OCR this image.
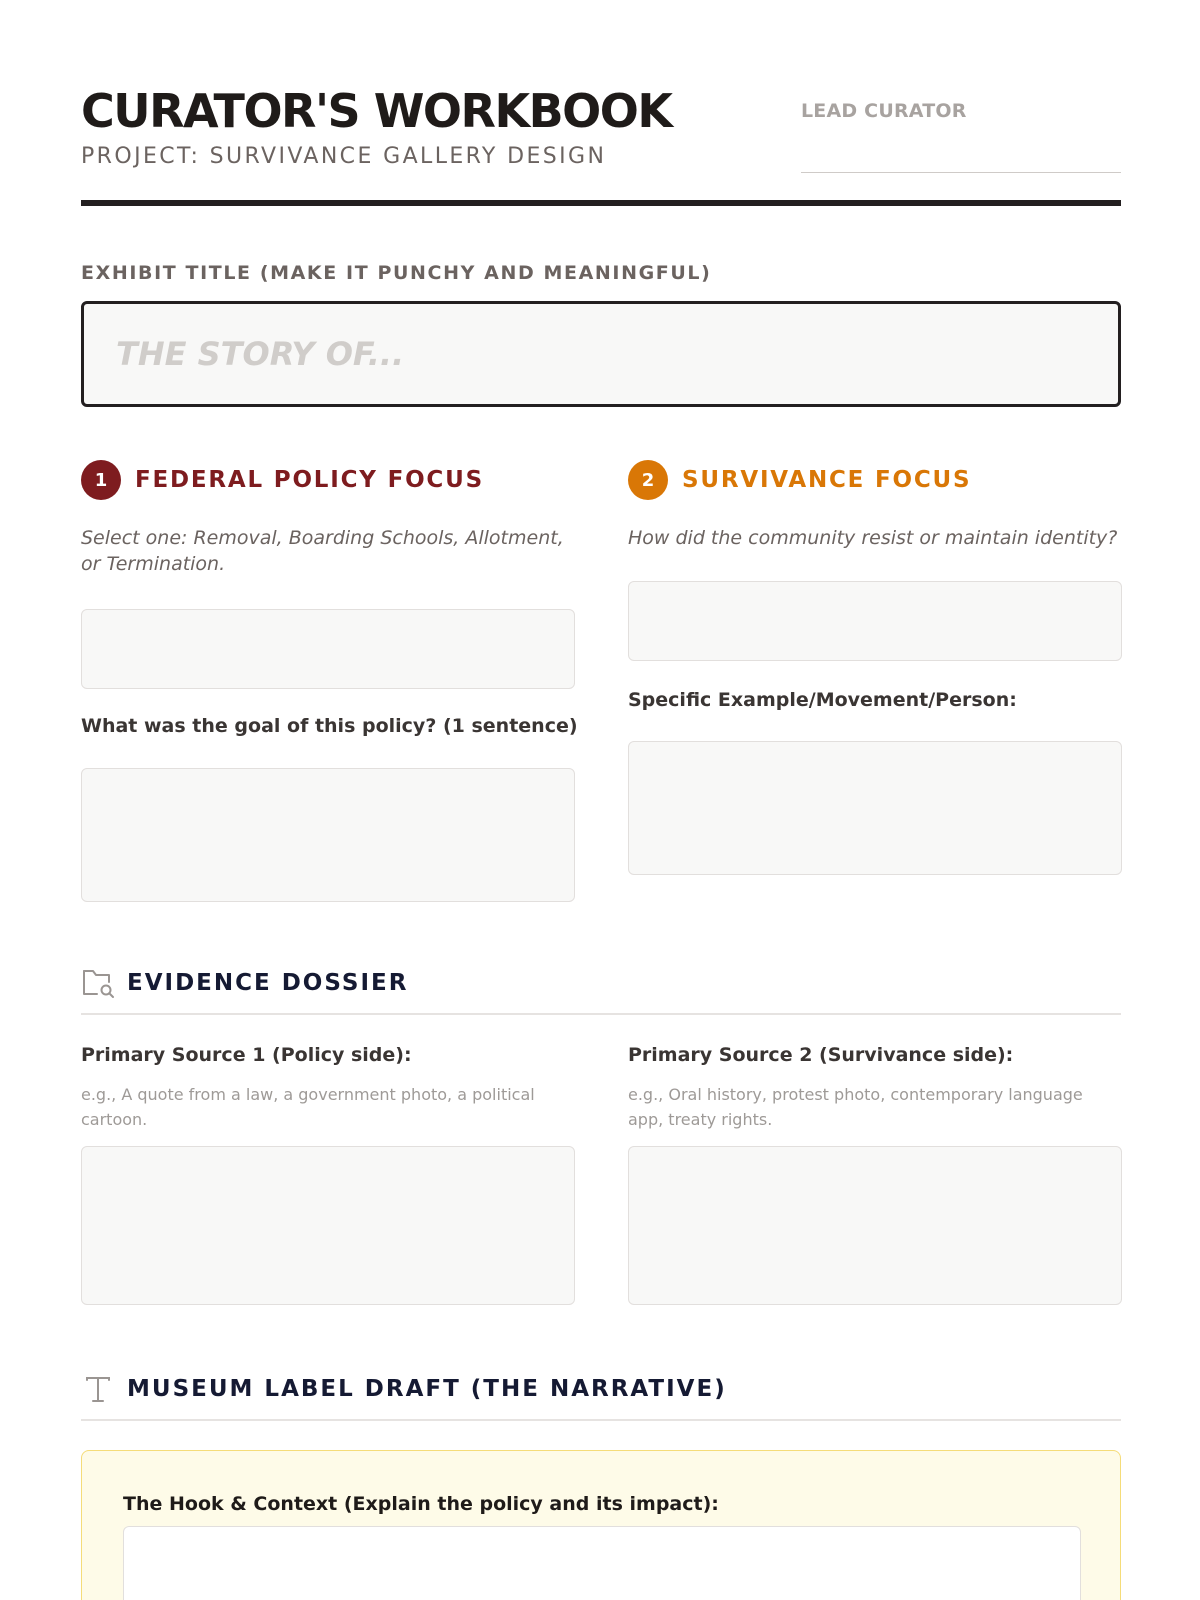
CURATOR'S WORKBOOK
PROJECT: SURVIVANCE GALLERY DESIGN
LEAD CURATOR
EXHIBIT TITLE (MAKE IT PUNCHY AND MEANINGFUL)
THE STORY OF...
1	FEDERAL POLICY FOCUS
Select one: Removal, Boarding Schools, Allotment, or Termination.
What was the goal of this policy? (1 sentence)
2	SURVIVANCE FOCUS
How did the community resist or maintain identity?
Specific Example/Movement/Person:
EVIDENCE DOSSIER
Primary Source 1 (Policy side):
e.g., A quote from a law, a government photo, a political cartoon.
Primary Source 2 (Survivance side):
e.g., Oral history, protest photo, contemporary language app, treaty rights.
MUSEUM LABEL DRAFT (THE NARRATIVE)
The Hook & Context (Explain the policy and its impact):
